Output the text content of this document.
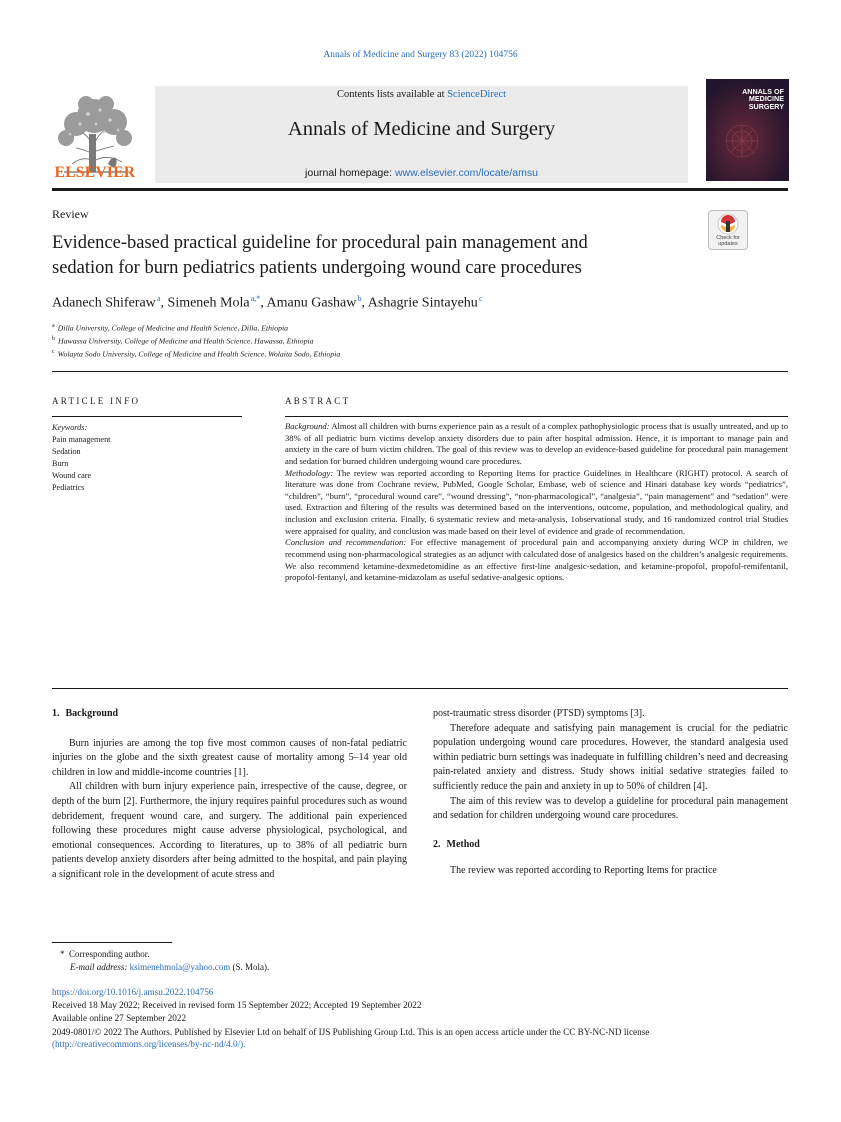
Annals of Medicine and Surgery 83 (2022) 104756
ELSEVIER
Contents lists available at ScienceDirect
Annals of Medicine and Surgery
journal homepage: www.elsevier.com/locate/amsu
ANNALS OF
MEDICINE
SURGERY
Review
Check for
updates
Evidence-based practical guideline for procedural pain management and
sedation for burn pediatrics patients undergoing wound care procedures
Adanech Shiferaw $^a$, Simeneh Mola $^{a,*}$, Amanu Gashaw $^b$, Ashagrie Sintayehu $^c$
$^a$ Dilla University, College of Medicine and Health Science, Dilla, Ethiopia
$^b$ Hawassa University, College of Medicine and Health Science, Hawassa, Ethiopia
$^c$ Wolayta Sodo University, College of Medicine and Health Science, Wolaita Sodo, Ethiopia
ARTICLE INFO
Keywords:
Pain management
Sedation
Burn
Wound care
Pediatrics
ABSTRACT

Background: Almost all children with burns experience pain as a result of a complex pathophysiologic process that is usually untreated, and up to 38% of all pediatric burn victims develop anxiety disorders due to pain after hospital admission. Hence, it is important to manage pain and anxiety in the care of burn victim children. The goal of this review was to develop an evidence-based guideline for procedural pain management and sedation for burned children undergoing wound care procedures.

Methodology: The review was reported according to Reporting Items for practice Guidelines in Healthcare (RIGHT) protocol. A search of literature was done from Cochrane review, PubMed, Google Scholar, Embase, web of science and Hinari database key words “pediatrics”, “children”, “burn”, “procedural wound care”, “wound dressing”, “non-pharmacological”, “analgesia”, “pain management” and “sedation” were used. Extraction and filtering of the results was determined based on the interventions, outcome, population, and methodological quality, and inclusion and exclusion criteria. Finally, 6 systematic review and meta-analysis, 1observational study, and 16 randomized control trial Studies were appraised for quality, and conclusion was made based on their level of evidence and grade of recommendation.

Conclusion and recommendation: For effective management of procedural pain and accompanying anxiety during WCP in children, we recommend using non-pharmacological strategies as an adjunct with calculated dose of analgesics based on the children’s analgesic requirements. We also recommend ketamine-dexmedetomidine as an effective first-line analgesic-sedation, and ketamine-propofol, propofol-remifentanil, propofol-fentanyl, and ketamine-midazolam as useful sedative-analgesic options.

1. Background

Burn injuries are among the top five most common causes of non-fatal pediatric injuries on the globe and the sixth greatest cause of mortality among 5–14 year old children in low and middle-income countries [1].

All children with burn injury experience pain, irrespective of the cause, degree, or depth of the burn [2]. Furthermore, the injury requires painful procedures such as wound debridement, frequent wound care, and surgery. The additional pain experienced following these procedures might cause adverse physiological, psychological, and emotional consequences. According to literatures, up to 38% of all pediatric burn patients develop anxiety disorders after being admitted to the hospital, and pain playing a significant role in the development of acute stress and

post-traumatic stress disorder (PTSD) symptoms [3].

Therefore adequate and satisfying pain management is crucial for the pediatric population undergoing wound care procedures. However, the standard analgesia used within pediatric burn settings was inadequate in fulfilling children’s need and decreasing pain-related anxiety and distress. Study shows initial sedative strategies failed to sufficiently reduce the pain and anxiety in up to 50% of children [4].

The aim of this review was to develop a guideline for procedural pain management and sedation for children undergoing wound care procedures.

2. Method

The review was reported according to Reporting Items for practice

*  Corresponding author.
E-mail address: ksimenehmola@yahoo.com (S. Mola).
https://doi.org/10.1016/j.amsu.2022.104756
Received 18 May 2022; Received in revised form 15 September 2022; Accepted 19 September 2022
Available online 27 September 2022
2049-0801/© 2022 The Authors. Published by Elsevier Ltd on behalf of IJS Publishing Group Ltd. This is an open access article under the CC BY-NC-ND license
(http://creativecommons.org/licenses/by-nc-nd/4.0/).
